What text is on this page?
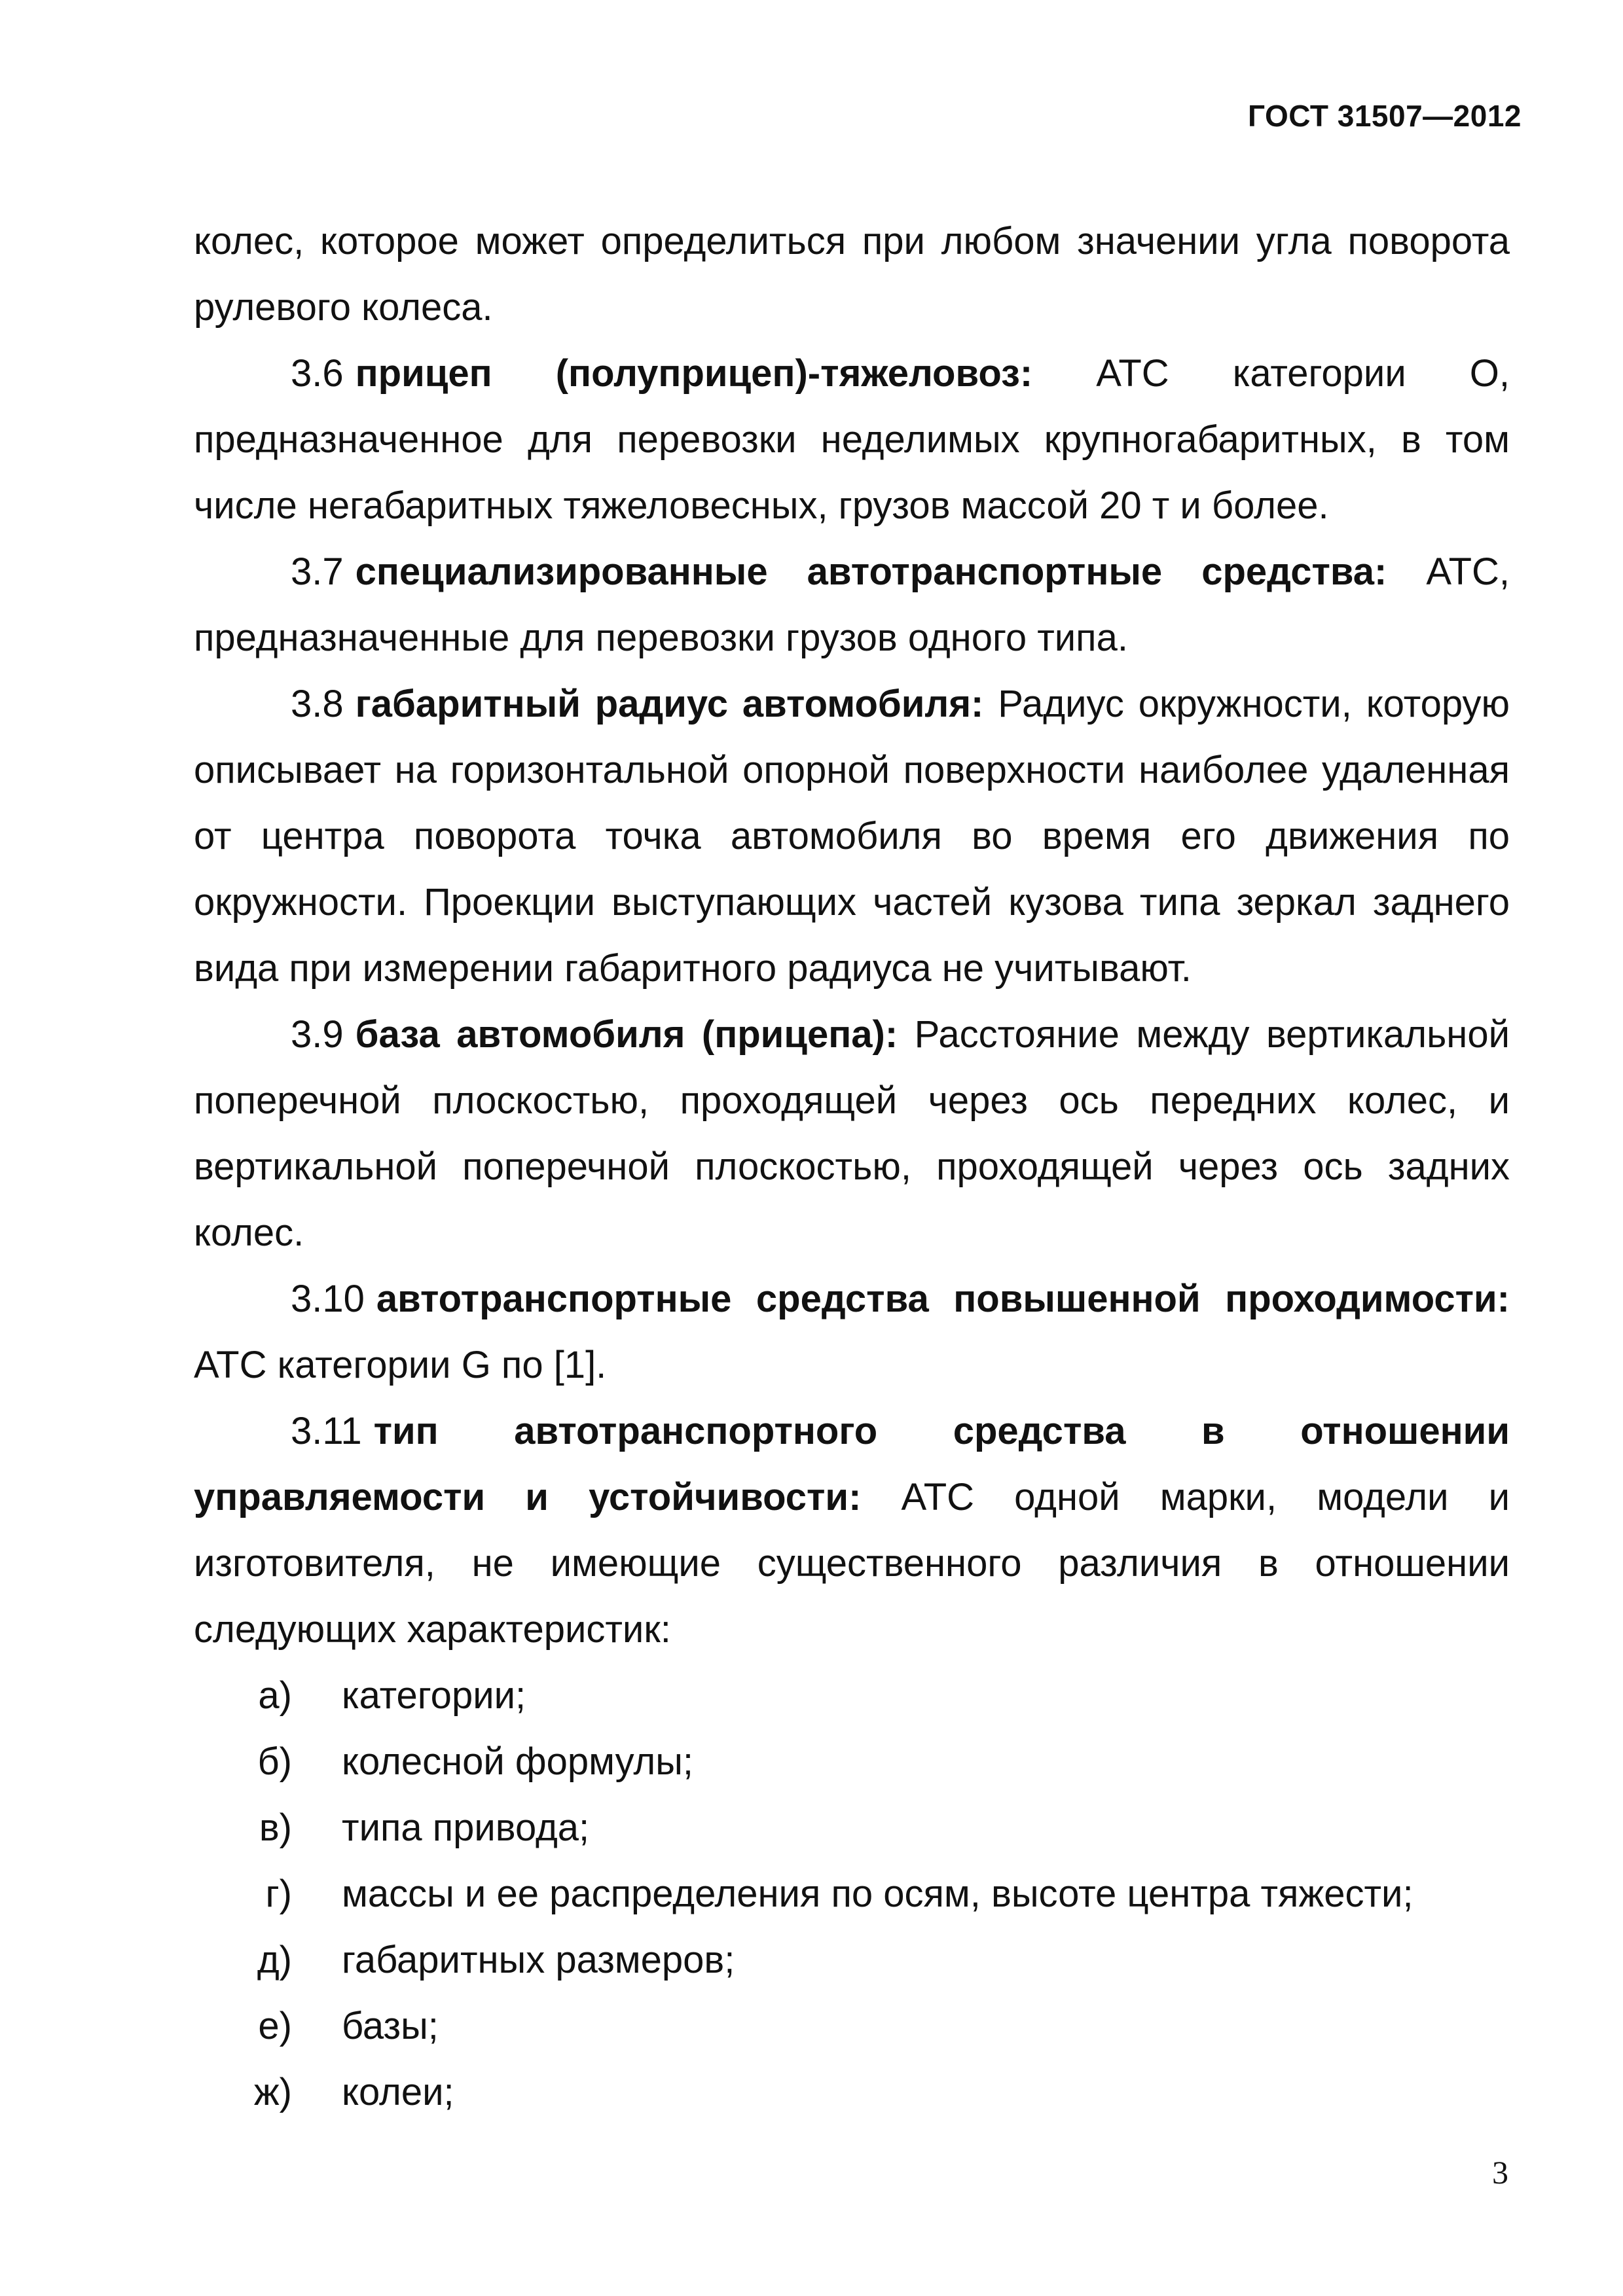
ГОСТ 31507—2012

колес, которое может определиться при любом значении угла поворота рулевого колеса.

3.6 прицеп (полуприцеп)-тяжеловоз: АТС категории О, предназначенное для перевозки неделимых крупногабаритных, в том числе негабаритных тяжеловесных, грузов массой 20 т и более.

3.7 специализированные автотранспортные средства: АТС, предназначенные для перевозки грузов одного типа.

3.8 габаритный радиус автомобиля: Радиус окружности, которую описывает на горизонтальной опорной поверхности наиболее удаленная от центра поворота точка автомобиля во время его движения по окружности. Проекции выступающих частей кузова типа зеркал заднего вида при измерении габаритного радиуса не учитывают.

3.9 база автомобиля (прицепа): Расстояние между вертикальной поперечной плоскостью, проходящей через ось передних колес, и вертикальной поперечной плоскостью, проходящей через ось задних колес.

3.10 автотранспортные средства повышенной проходимости: АТС категории G по [1].

3.11 тип автотранспортного средства в отношении управляемости и устойчивости: АТС одной марки, модели и изготовителя, не имеющие существенного различия в отношении следующих характеристик:

а) категории;
б) колесной формулы;
в) типа привода;
г) массы и ее распределения по осям, высоте центра тяжести;
д) габаритных размеров;
е) базы;
ж) колеи;
3
